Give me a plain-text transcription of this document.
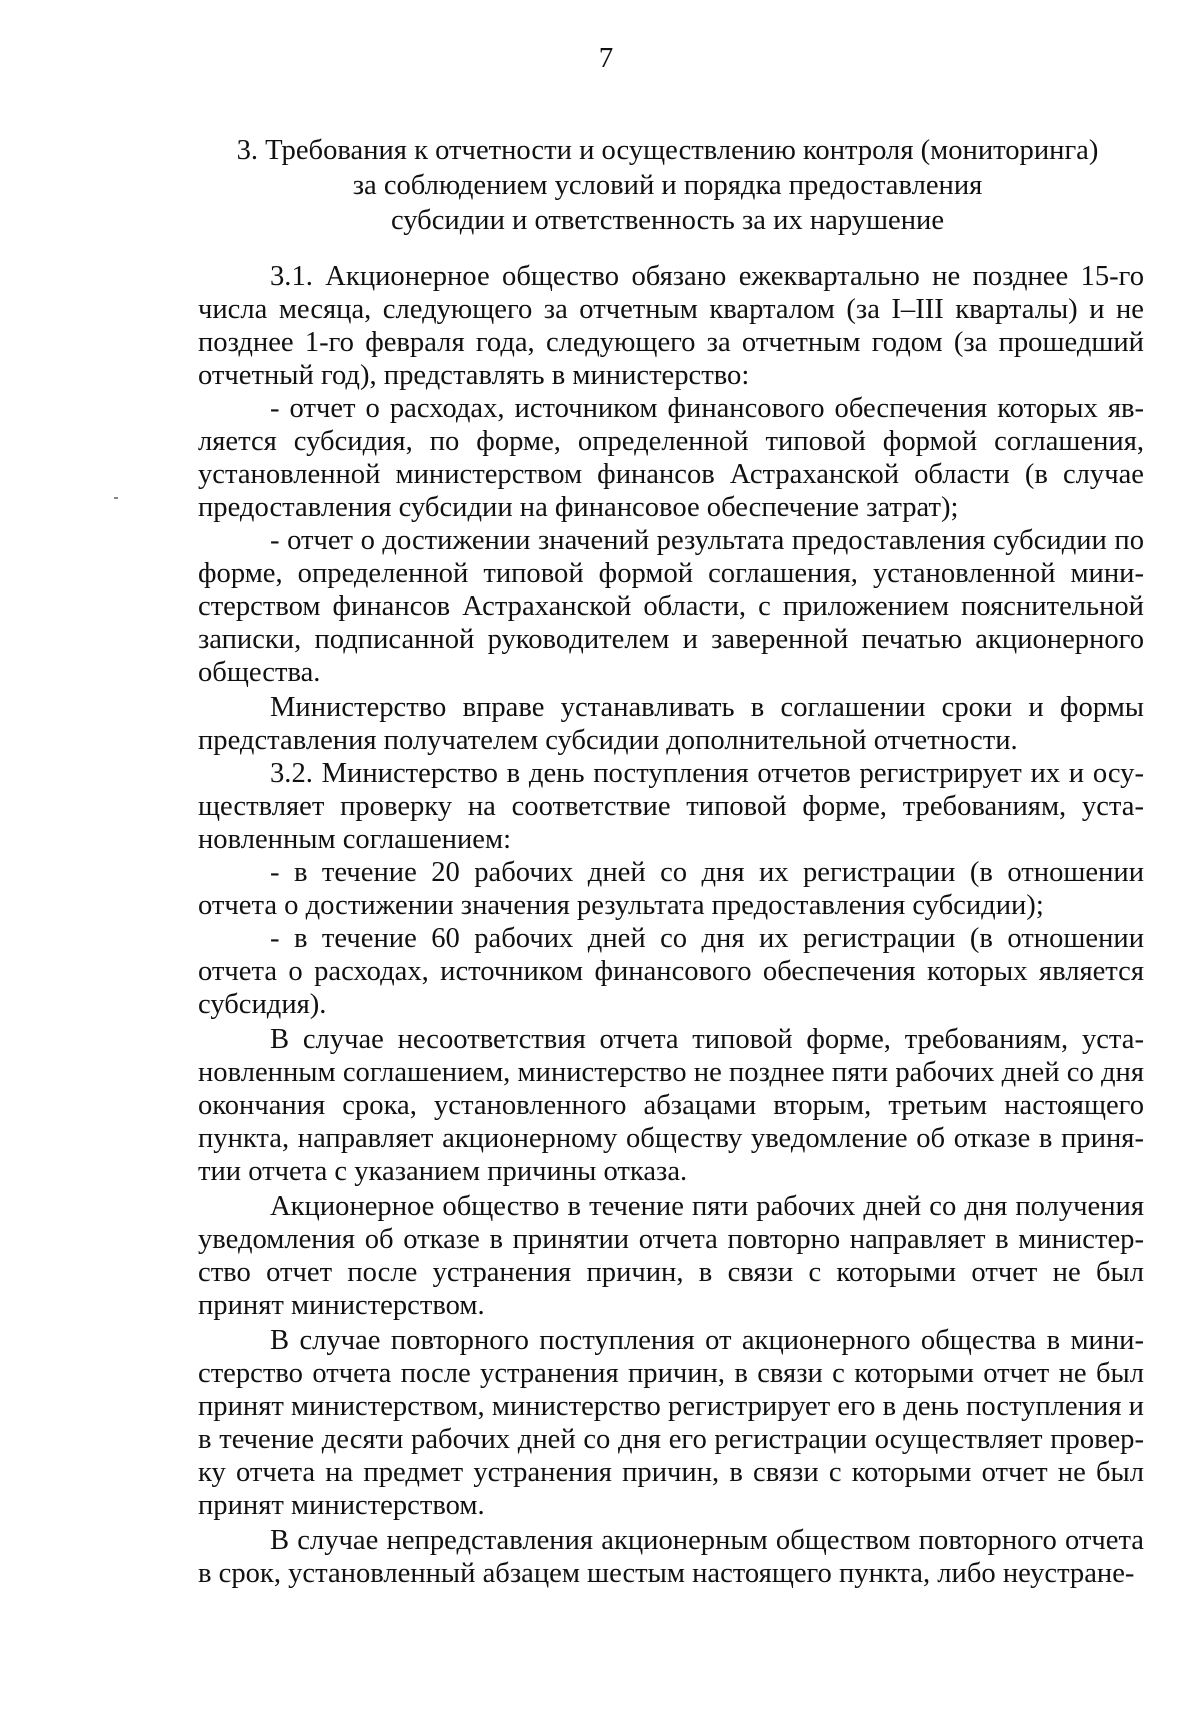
7
3. Требования к отчетности и осуществлению контроля (мониторинга)
за соблюдением условий и порядка предоставления
субсидии и ответственность за их нарушение

3.1. Акционерное общество обязано ежеквартально не позднее 15-го числа месяца, следующего за отчетным кварталом (за I–III кварталы) и не позднее 1-го февраля года, следующего за отчетным годом (за прошедший отчетный год), представлять в министерство:

- отчет о расходах, источником финансового обеспечения которых является субсидия, по форме, определенной типовой формой соглашения, установленной министерством финансов Астраханской области (в случае предоставления субсидии на финансовое обеспечение затрат);

- отчет о достижении значений результата предоставления субсидии по форме, определенной типовой формой соглашения, установленной министерством финансов Астраханской области, с приложением пояснительной записки, подписанной руководителем и заверенной печатью акционерного общества.

Министерство вправе устанавливать в соглашении сроки и формы представления получателем субсидии дополнительной отчетности.

3.2. Министерство в день поступления отчетов регистрирует их и осуществляет проверку на соответствие типовой форме, требованиям, установленным соглашением:

- в течение 20 рабочих дней со дня их регистрации (в отношении отчета о достижении значения результата предоставления субсидии);

- в течение 60 рабочих дней со дня их регистрации (в отношении отчета о расходах, источником финансового обеспечения которых является субсидия).

В случае несоответствия отчета типовой форме, требованиям, установленным соглашением, министерство не позднее пяти рабочих дней со дня окончания срока, установленного абзацами вторым, третьим настоящего пункта, направляет акционерному обществу уведомление об отказе в принятии отчета с указанием причины отказа.

Акционерное общество в течение пяти рабочих дней со дня получения уведомления об отказе в принятии отчета повторно направляет в министерство отчет после устранения причин, в связи с которыми отчет не был принят министерством.

В случае повторного поступления от акционерного общества в министерство отчета после устранения причин, в связи с которыми отчет не был принят министерством, министерство регистрирует его в день поступления и в течение десяти рабочих дней со дня его регистрации осуществляет проверку отчета на предмет устранения причин, в связи с которыми отчет не был принят министерством.

В случае непредставления акционерным обществом повторного отчета в срок, установленный абзацем шестым настоящего пункта, либо неустране-
